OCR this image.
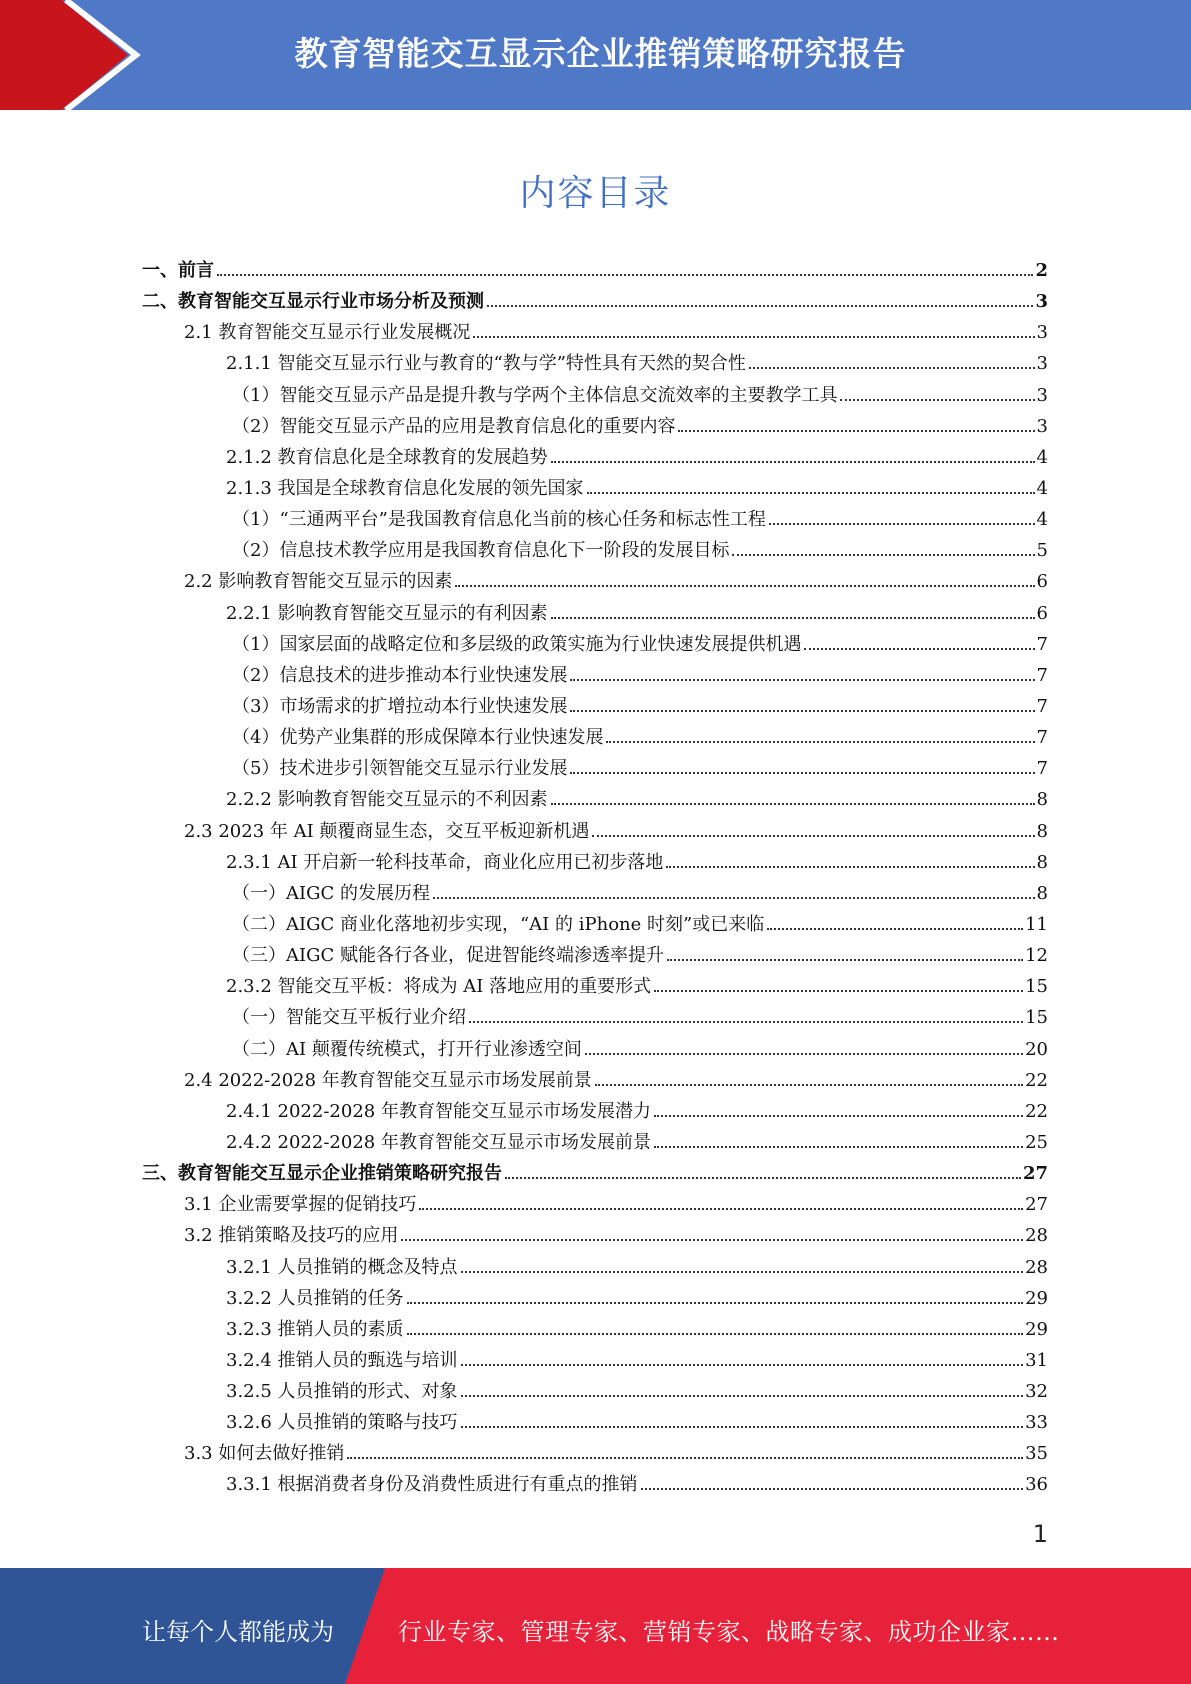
教育智能交互显示企业推销策略研究报告
内容目录
一、前言	2
二、教育智能交互显示行业市场分析及预测	3
2.1 教育智能交互显示行业发展概况	3
2.1.1 智能交互显示行业与教育的“教与学”特性具有天然的契合性	3
（1）智能交互显示产品是提升教与学两个主体信息交流效率的主要教学工具	3
（2）智能交互显示产品的应用是教育信息化的重要内容	3
2.1.2 教育信息化是全球教育的发展趋势	4
2.1.3 我国是全球教育信息化发展的领先国家	4
（1）“三通两平台”是我国教育信息化当前的核心任务和标志性工程	4
（2）信息技术教学应用是我国教育信息化下一阶段的发展目标	5
2.2 影响教育智能交互显示的因素	6
2.2.1 影响教育智能交互显示的有利因素	6
（1）国家层面的战略定位和多层级的政策实施为行业快速发展提供机遇	7
（2）信息技术的进步推动本行业快速发展	7
（3）市场需求的扩增拉动本行业快速发展	7
（4）优势产业集群的形成保障本行业快速发展	7
（5）技术进步引领智能交互显示行业发展	7
2.2.2 影响教育智能交互显示的不利因素	8
2.3 2023 年 AI 颠覆商显生态，交互平板迎新机遇	8
2.3.1 AI 开启新一轮科技革命，商业化应用已初步落地	8
（一）AIGC 的发展历程	8
（二）AIGC 商业化落地初步实现，“AI 的 iPhone 时刻”或已来临	11
（三）AIGC 赋能各行各业，促进智能终端渗透率提升	12
2.3.2 智能交互平板：将成为 AI 落地应用的重要形式	15
（一）智能交互平板行业介绍	15
（二）AI 颠覆传统模式，打开行业渗透空间	20
2.4 2022-2028 年教育智能交互显示市场发展前景	22
2.4.1 2022-2028 年教育智能交互显示市场发展潜力	22
2.4.2 2022-2028 年教育智能交互显示市场发展前景	25
三、教育智能交互显示企业推销策略研究报告	27
3.1 企业需要掌握的促销技巧	27
3.2 推销策略及技巧的应用	28
3.2.1 人员推销的概念及特点	28
3.2.2 人员推销的任务	29
3.2.3 推销人员的素质	29
3.2.4 推销人员的甄选与培训	31
3.2.5 人员推销的形式、对象	32
3.2.6 人员推销的策略与技巧	33
3.3 如何去做好推销	35
3.3.1 根据消费者身份及消费性质进行有重点的推销	36
1
让每个人都能成为	行业专家、管理专家、营销专家、战略专家、成功企业家……
